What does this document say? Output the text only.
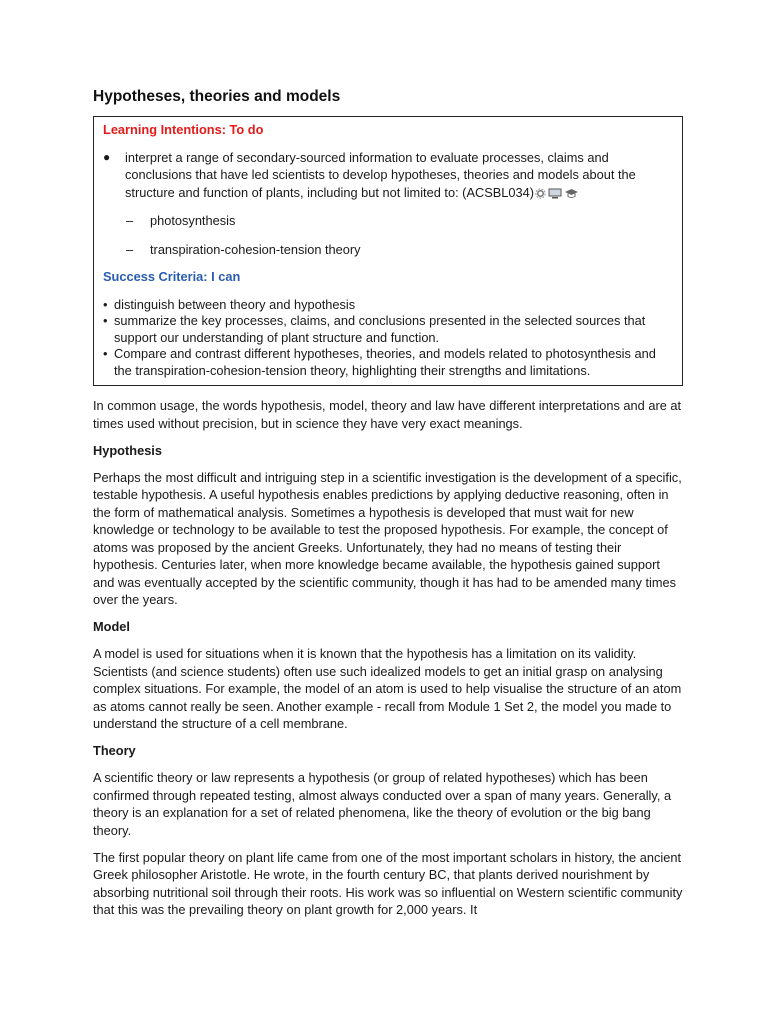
Hypotheses, theories and models
Learning Intentions: To do
●	interpret a range of secondary-sourced information to evaluate processes, claims and conclusions that have led scientists to develop hypotheses, theories and models about the structure and function of plants, including but not limited to: (ACSBL034)
–	photosynthesis
–	transpiration-cohesion-tension theory
Success Criteria: I can
• distinguish between theory and hypothesis
• summarize the key processes, claims, and conclusions presented in the selected sources that support our understanding of plant structure and function.
• Compare and contrast different hypotheses, theories, and models related to photosynthesis and the transpiration-cohesion-tension theory, highlighting their strengths and limitations.

In common usage, the words hypothesis, model, theory and law have different interpretations and are at times used without precision, but in science they have very exact meanings.

Hypothesis

Perhaps the most difficult and intriguing step in a scientific investigation is the development of a specific, testable hypothesis. A useful hypothesis enables predictions by applying deductive reasoning, often in the form of mathematical analysis. Sometimes a hypothesis is developed that must wait for new knowledge or technology to be available to test the proposed hypothesis. For example, the concept of atoms was proposed by the ancient Greeks. Unfortunately, they had no means of testing their hypothesis. Centuries later, when more knowledge became available, the hypothesis gained support and was eventually accepted by the scientific community, though it has had to be amended many times over the years.

Model

A model is used for situations when it is known that the hypothesis has a limitation on its validity. Scientists (and science students) often use such idealized models to get an initial grasp on analysing complex situations. For example, the model of an atom is used to help visualise the structure of an atom as atoms cannot really be seen. Another example - recall from Module 1 Set 2, the model you made to understand the structure of a cell membrane.

Theory

A scientific theory or law represents a hypothesis (or group of related hypotheses) which has been confirmed through repeated testing, almost always conducted over a span of many years. Generally, a theory is an explanation for a set of related phenomena, like the theory of evolution or the big bang theory.

The first popular theory on plant life came from one of the most important scholars in history, the ancient Greek philosopher Aristotle. He wrote, in the fourth century BC, that plants derived nourishment by absorbing nutritional soil through their roots. His work was so influential on Western scientific community that this was the prevailing theory on plant growth for 2,000 years. It
